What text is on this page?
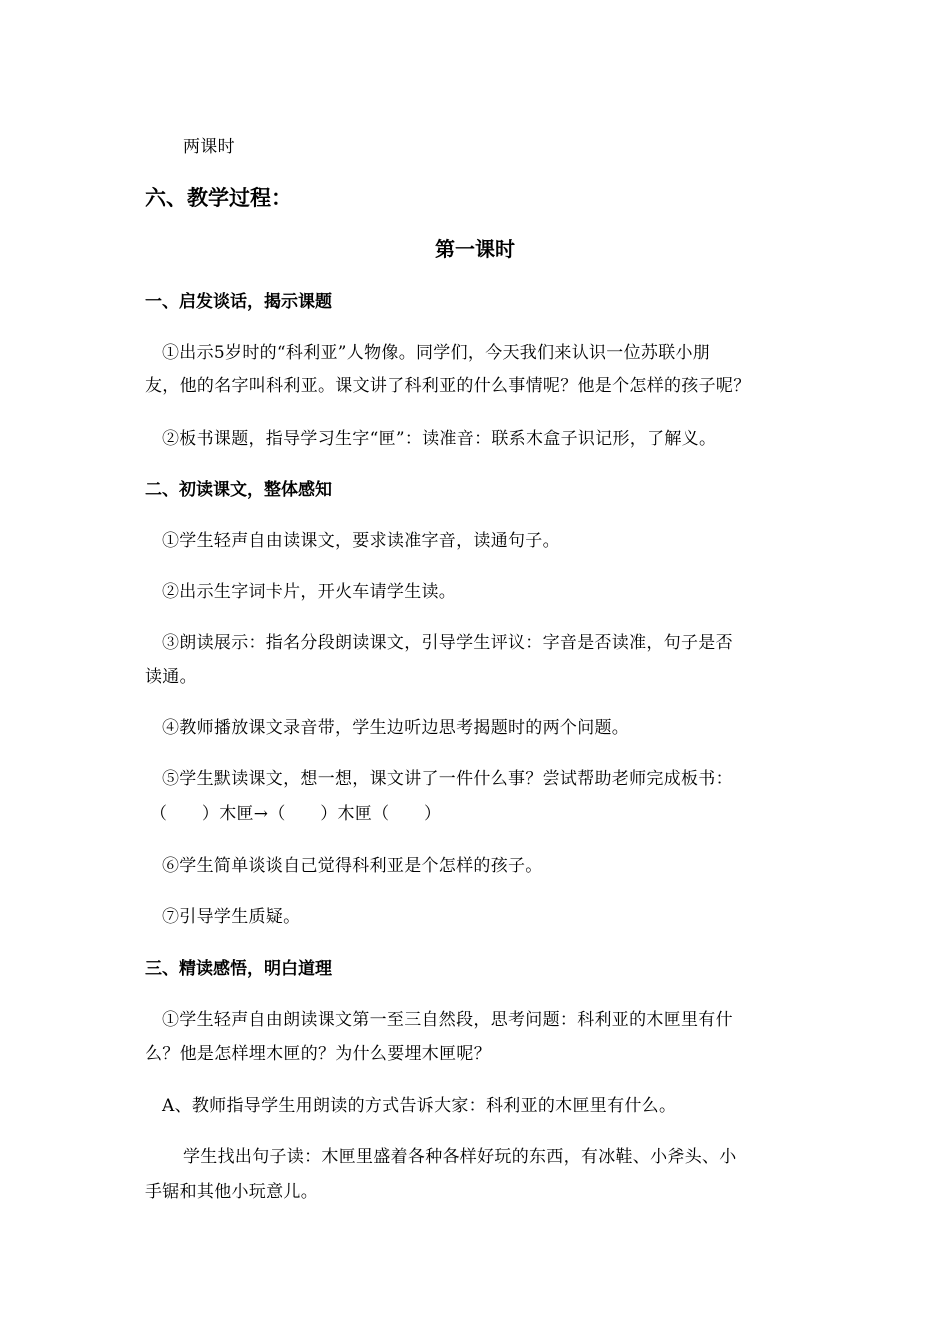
两课时
六、教学过程：
第一课时
一、启发谈话，揭示课题
①出示5岁时的“科利亚”人物像。同学们，今天我们来认识一位苏联小朋
友，他的名字叫科利亚。课文讲了科利亚的什么事情呢？他是个怎样的孩子呢？
②板书课题，指导学习生字“匣”：读准音：联系木盒子识记形，了解义。
二、初读课文，整体感知
①学生轻声自由读课文，要求读准字音，读通句子。
②出示生字词卡片，开火车请学生读。
③朗读展示：指名分段朗读课文，引导学生评议：字音是否读准，句子是否
读通。
④教师播放课文录音带，学生边听边思考揭题时的两个问题。
⑤学生默读课文，想一想，课文讲了一件什么事？尝试帮助老师完成板书：
（　　）木匣→（　　）木匣（　　）
⑥学生简单谈谈自己觉得科利亚是个怎样的孩子。
⑦引导学生质疑。
三、精读感悟，明白道理
①学生轻声自由朗读课文第一至三自然段，思考问题：科利亚的木匣里有什
么？他是怎样埋木匣的？为什么要埋木匣呢？
A、教师指导学生用朗读的方式告诉大家：科利亚的木匣里有什么。
学生找出句子读：木匣里盛着各种各样好玩的东西，有冰鞋、小斧头、小
手锯和其他小玩意儿。
